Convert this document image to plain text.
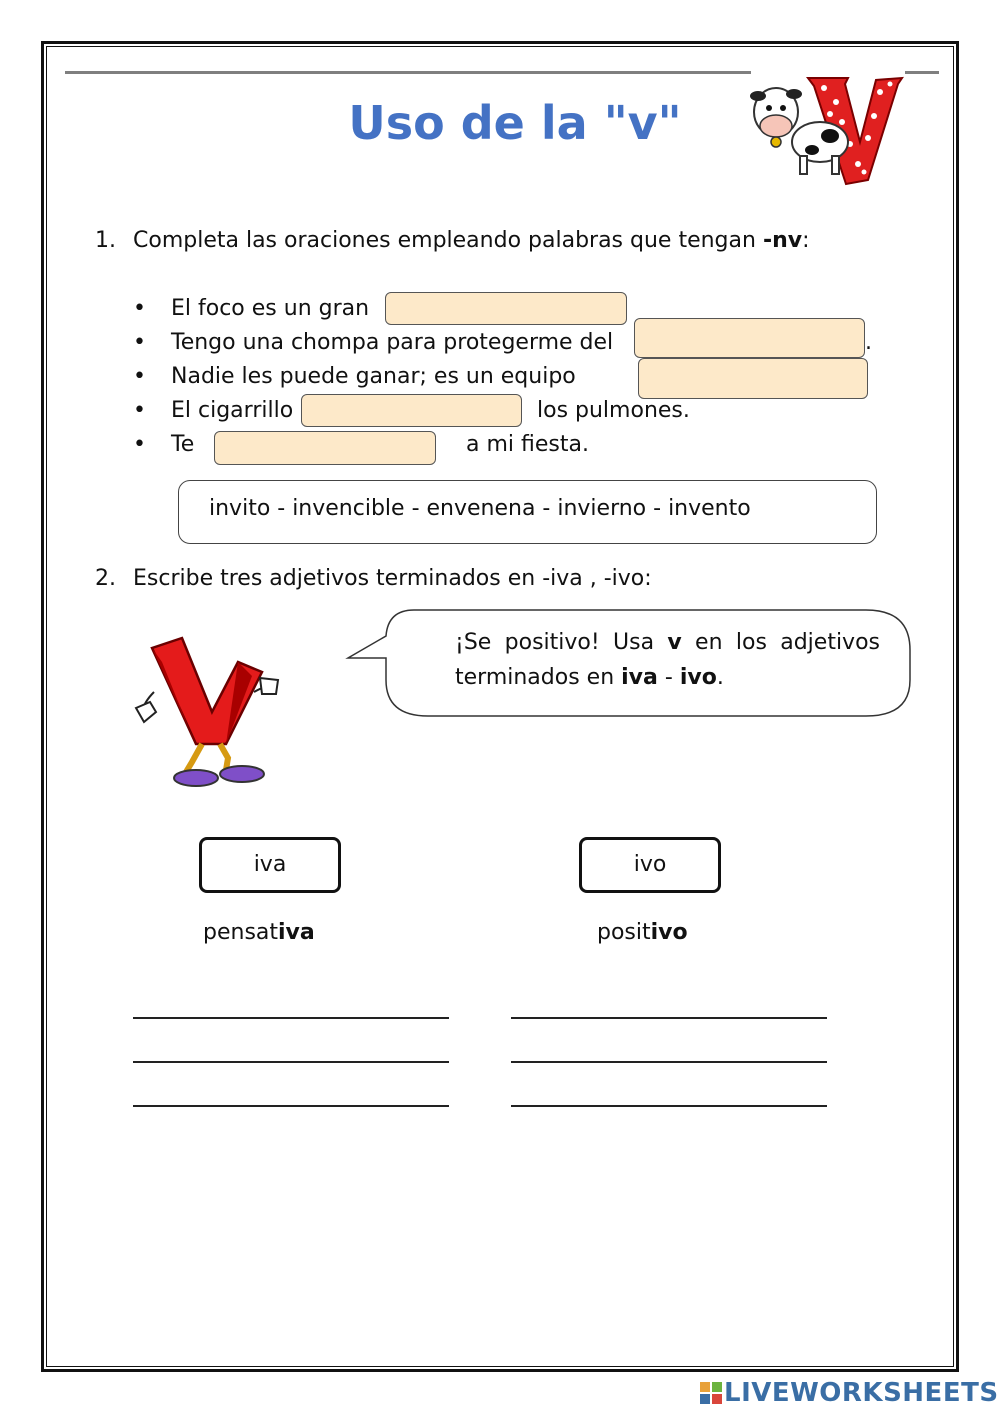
Uso de la "v"
1. Completa las oraciones empleando palabras que tengan -nv:
• El foco es un gran
• Tengo una chompa para protegerme del	.
• Nadie les puede ganar; es un equipo
• El cigarrillo	los pulmones.
• Te	a mi fiesta.
invito - invencible - envenena - invierno - invento
2. Escribe tres adjetivos terminados en -iva , -ivo:
¡Se positivo! Usa v en los adjetivos terminados en iva - ivo.
iva	ivo
pensativa	positivo
LIVEWORKSHEETS
